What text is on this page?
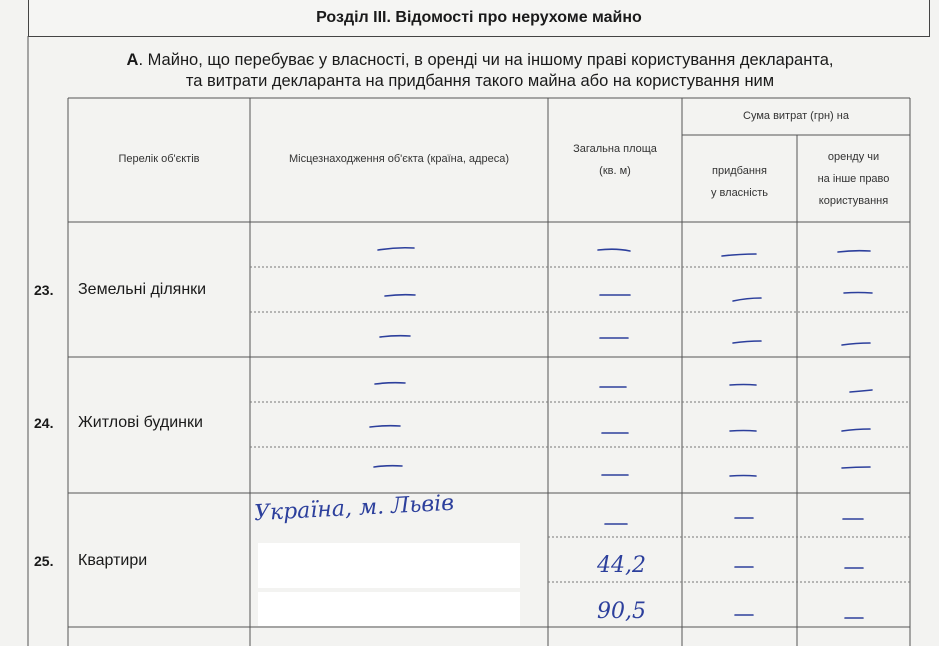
Розділ III. Відомості про нерухоме майно
А. Майно, що перебуває у власності, в оренді чи на іншому праві користування декларанта,
та витрати декларанта на придбання такого майна або на користування ним
Перелік об'єктів	Місцезнаходження об'єкта (країна, адреса)
Загальна площа
(кв. м)
Сума витрат (грн) на
придбання
у власність
оренду чи
на інше право
користування
23. Земельні ділянки
24. Житлові будинки
25. Квартири
Україна, м. Львів
44,2
90,5
